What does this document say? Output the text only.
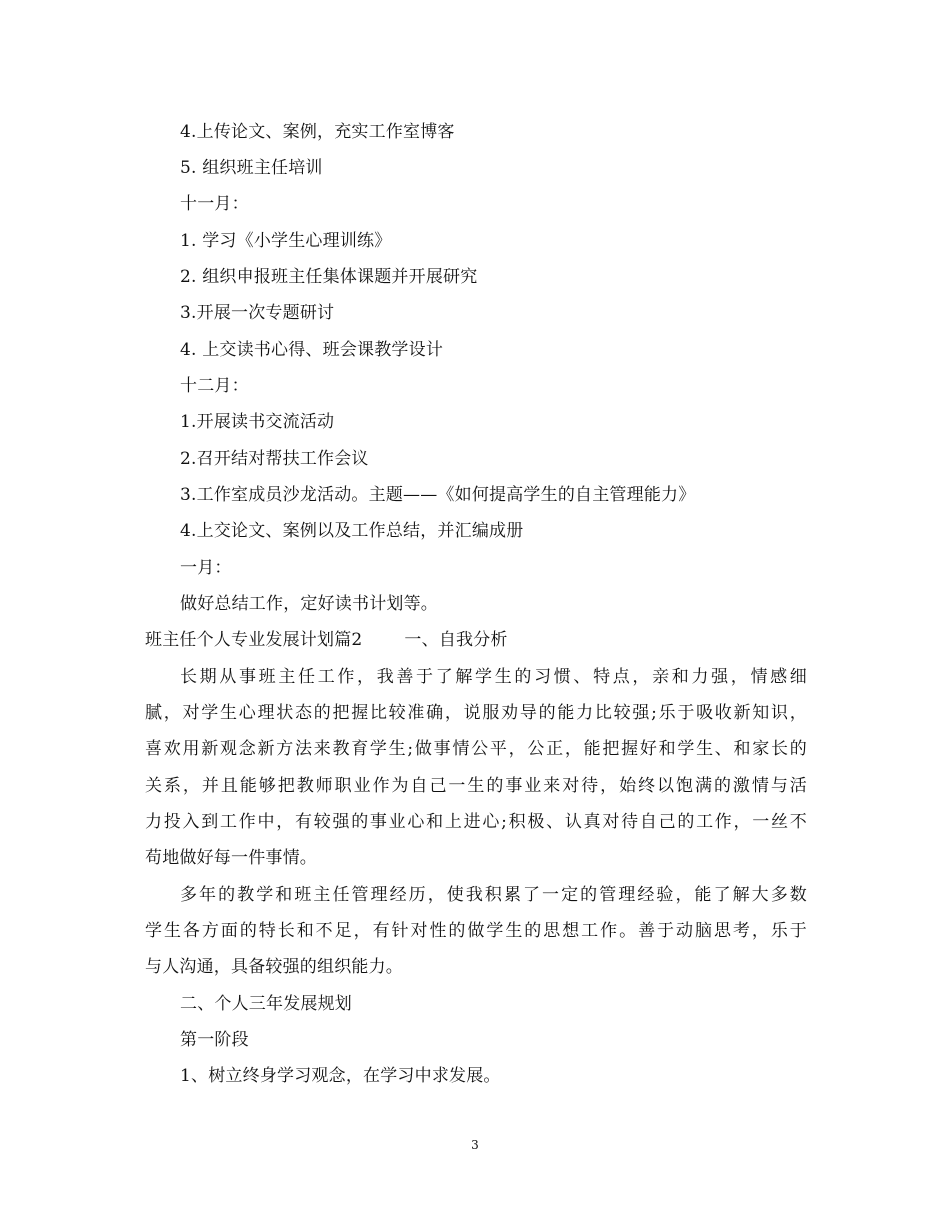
4.上传论文、案例，充实工作室博客
5. 组织班主任培训
十一月：
1. 学习《小学生心理训练》
2. 组织申报班主任集体课题并开展研究
3.开展一次专题研讨
4. 上交读书心得、班会课教学设计
十二月：
1.开展读书交流活动
2.召开结对帮扶工作会议
3.工作室成员沙龙活动。主题——《如何提高学生的自主管理能力》
4.上交论文、案例以及工作总结，并汇编成册
一月：
做好总结工作，定好读书计划等。
班主任个人专业发展计划篇2 一、自我分析
长期从事班主任工作，我善于了解学生的习惯、特点，亲和力强，情感细
腻，对学生心理状态的把握比较准确，说服劝导的能力比较强;乐于吸收新知识，
喜欢用新观念新方法来教育学生;做事情公平，公正，能把握好和学生、和家长的
关系，并且能够把教师职业作为自己一生的事业来对待，始终以饱满的激情与活
力投入到工作中，有较强的事业心和上进心;积极、认真对待自己的工作，一丝不
苟地做好每一件事情。
多年的教学和班主任管理经历，使我积累了一定的管理经验，能了解大多数
学生各方面的特长和不足，有针对性的做学生的思想工作。善于动脑思考，乐于
与人沟通，具备较强的组织能力。
二、个人三年发展规划
第一阶段
1、树立终身学习观念，在学习中求发展。
3
